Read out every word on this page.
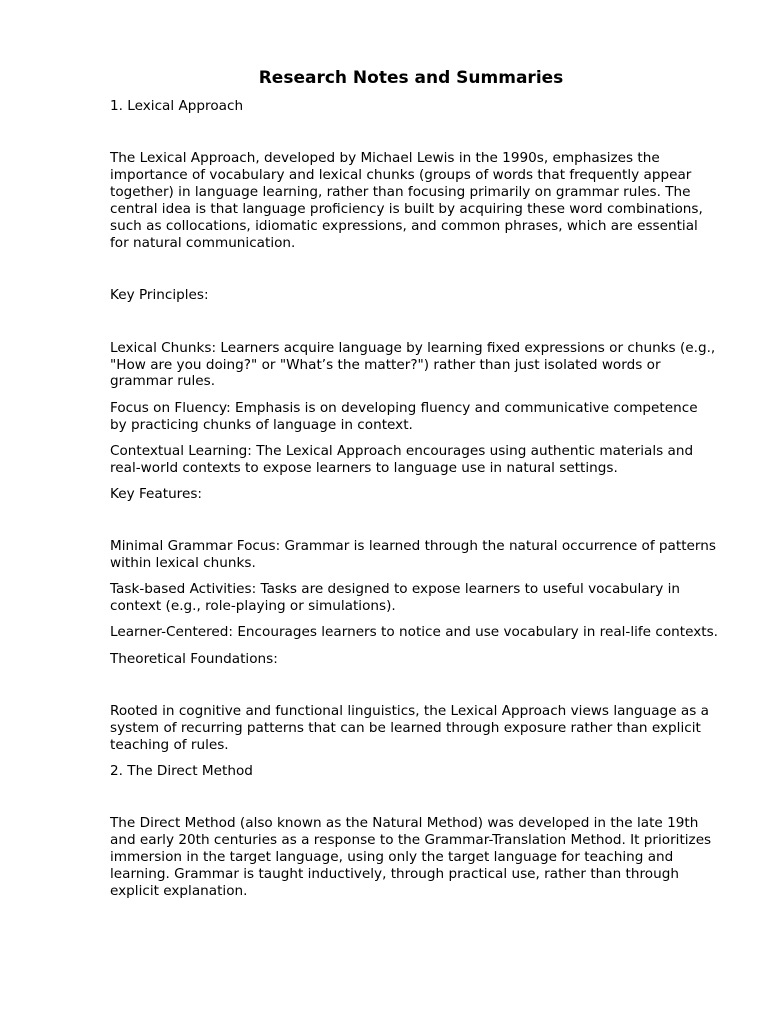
Research Notes and Summaries

1. Lexical Approach

The Lexical Approach, developed by Michael Lewis in the 1990s, emphasizes the importance of vocabulary and lexical chunks (groups of words that frequently appear together) in language learning, rather than focusing primarily on grammar rules. The central idea is that language proficiency is built by acquiring these word combinations, such as collocations, idiomatic expressions, and common phrases, which are essential for natural communication.

Key Principles:

Lexical Chunks: Learners acquire language by learning fixed expressions or chunks (e.g., "How are you doing?" or "What’s the matter?") rather than just isolated words or grammar rules.

Focus on Fluency: Emphasis is on developing fluency and communicative competence by practicing chunks of language in context.

Contextual Learning: The Lexical Approach encourages using authentic materials and real-world contexts to expose learners to language use in natural settings.

Key Features:

Minimal Grammar Focus: Grammar is learned through the natural occurrence of patterns within lexical chunks.

Task-based Activities: Tasks are designed to expose learners to useful vocabulary in context (e.g., role-playing or simulations).

Learner-Centered: Encourages learners to notice and use vocabulary in real-life contexts.

Theoretical Foundations:

Rooted in cognitive and functional linguistics, the Lexical Approach views language as a system of recurring patterns that can be learned through exposure rather than explicit teaching of rules.

2. The Direct Method

The Direct Method (also known as the Natural Method) was developed in the late 19th and early 20th centuries as a response to the Grammar-Translation Method. It prioritizes immersion in the target language, using only the target language for teaching and learning. Grammar is taught inductively, through practical use, rather than through explicit explanation.
